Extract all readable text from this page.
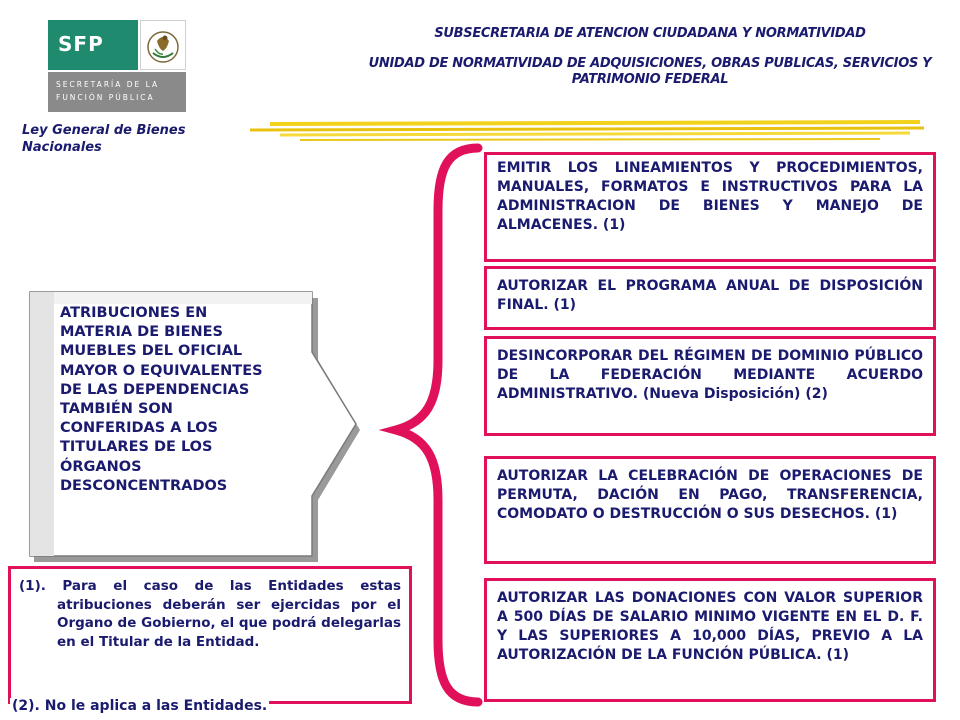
SFP
SECRETARÍA DE LA
FUNCIÓN PÚBLICA
SUBSECRETARIA DE ATENCION CIUDADANA Y NORMATIVIDAD
UNIDAD DE NORMATIVIDAD DE ADQUISICIONES, OBRAS PUBLICAS, SERVICIOS Y PATRIMONIO FEDERAL
Ley General de Bienes Nacionales
ATRIBUCIONES EN MATERIA DE BIENES MUEBLES DEL OFICIAL MAYOR O EQUIVALENTES DE LAS DEPENDENCIAS TAMBIÉN SON CONFERIDAS A LOS TITULARES DE LOS ÓRGANOS DESCONCENTRADOS
EMITIR LOS LINEAMIENTOS Y PROCEDIMIENTOS, MANUALES, FORMATOS E INSTRUCTIVOS PARA LA ADMINISTRACION DE BIENES Y MANEJO DE ALMACENES. (1)
AUTORIZAR EL PROGRAMA ANUAL DE DISPOSICIÓN FINAL. (1)
DESINCORPORAR DEL RÉGIMEN DE DOMINIO PÚBLICO DE LA FEDERACIÓN MEDIANTE ACUERDO ADMINISTRATIVO. (Nueva Disposición) (2)
AUTORIZAR LA CELEBRACIÓN DE OPERACIONES DE PERMUTA, DACIÓN EN PAGO, TRANSFERENCIA, COMODATO O DESTRUCCIÓN O SUS DESECHOS. (1)
AUTORIZAR LAS DONACIONES CON VALOR SUPERIOR A 500 DÍAS DE SALARIO MINIMO VIGENTE EN EL D. F. Y LAS SUPERIORES A 10,000 DÍAS, PREVIO A LA AUTORIZACIÓN DE LA FUNCIÓN PÚBLICA. (1)
(1). Para el caso de las Entidades estas atribuciones deberán ser ejercidas por el Organo de Gobierno, el que podrá delegarlas en el Titular de la Entidad.
(2). No le aplica a las Entidades.
